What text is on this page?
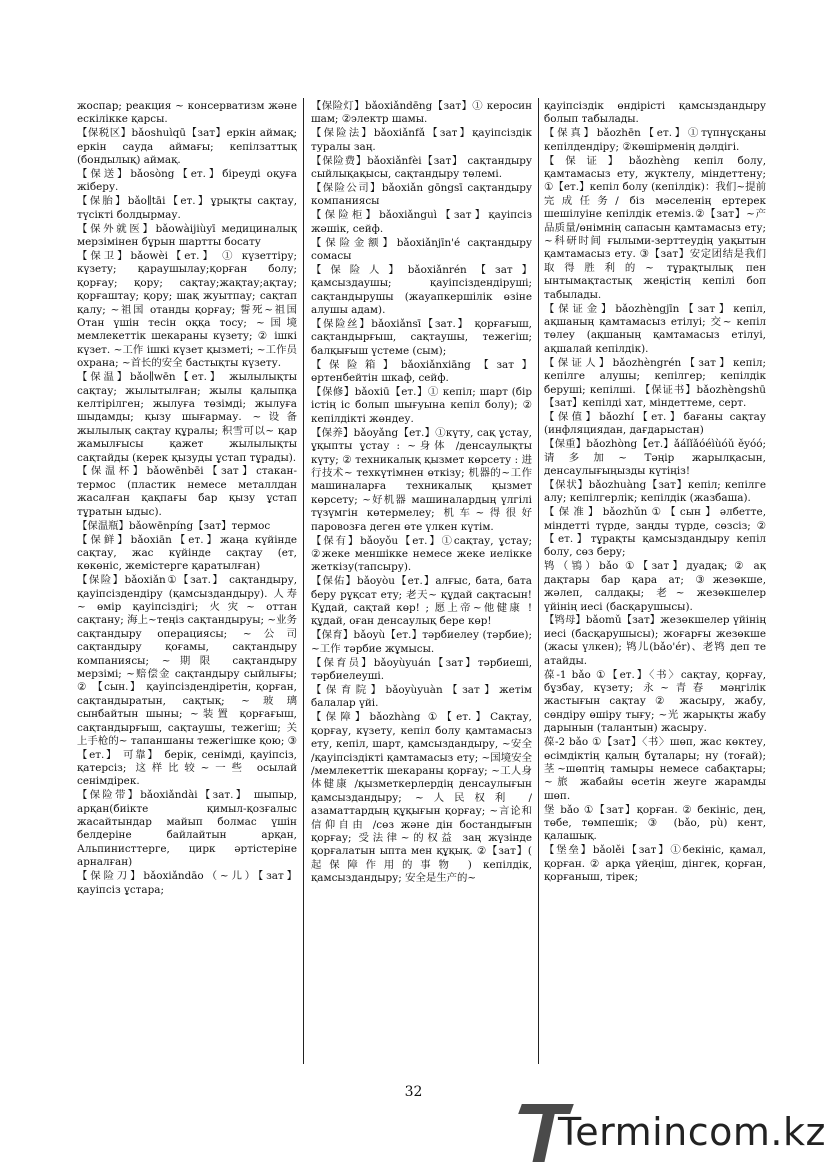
жоспар; реакция ~ консерватизм және ескілікке қарсы.
【保税区】bǎoshuìqū【зат】еркін аймақ; еркін сауда аймағы; кепілзаттық (бондылық) аймақ.
【保送】bǎosòng【ет.】біреуді оқуға жіберу.
【保胎】bǎo∥tāi【ет.】ұрықты сақтау, түсікті болдырмау.
【保外就医】bǎowàijiùyī медициналық мерзімінен бұрын шартты босату
【保卫】bǎowèi【ет.】 ① күзеттіру; күзету; қараушылау;қорған болу; қорғау; қору; сақтау;жақтау;ақтау; қорғаштау; қору; шақ жуытпау; сақтап қалу; ~祖国 отанды қорғау; 誓死~祖国 Отан үшін тесін оққа тосу; ~国境 мемлекеттік шекараны күзету; ② ішкі күзет. ~工作 ішкі күзет қызметі; ~工作员 охрана; ~首长的安全 бастықты күзету.
【保温】bǎo∥wēn【ет.】 жылылықты сақтау; жылытылған; жылы қалыпқа келтірілген; жылуға төзімді; жылуға шыдамды; қызу шығармау. ~设备 жылылық сақтау құралы; 积雪可以~ қар жамылғысы қажет жылылықты сақтайды (керек қызуды ұстап тұрады).
【保温杯】bǎowēnbēi【зат】стакан-термос (пластик немесе металлдан жасалған қақпағы бар қызу ұстап тұратын ыдыс).
【保温瓶】bǎowēnpíng【зат】термос
【保鲜】bǎoxiān【ет.】жаңа күйінде сақтау, жас күйінде сақтау (ет, көкөніс, жемістерге қаратылған)
【保险】bǎoxiǎn①【зат.】 сақтандыру, қауіпсіздендіру (қамсыздандыру). 人寿~ өмір қауіпсіздігі; 火灾~ оттан сақтану; 海上~теңіз сақтандыруы; ~业务 сақтандыру операциясы; ~公司 сақтандыру қоғамы, сақтандыру компаниясы; ~期限 сақтандыру мерзімі; ~赔偿金 сақтандыру сыйлығы; ② 【сын.】 қауіпсіздендіретін, қорған, сақтандыратын, сақтық; ~玻璃 сынбайтын шыны; ~装置 қорғағыш, сақтандырғыш, сақтаушы, тежегіш; 关上手枪的~ тапаншаны тежегішке қою; ③【ет.】 可靠】 берік, сенімді, қауіпсіз, қатерсіз; 这样比较~一些 осылай сенімдірек.
【保险带】bǎoxiǎndài【зат.】 шыпыр, арқан(биікте қимыл-қозғалыс жасайтындар майып болмас үшін белдеріне байлайтын арқан, Альпинисттерге, цирк әртістеріне арналған)
【保险刀】bǎoxiǎndāo（~儿）【зат】қауіпсіз ұстара;
【保险灯】bǎoxiǎndēng【зат】① керосин шам; ②электр шамы.
【保险法】bǎoxiǎnfǎ【зат】қауіпсіздік туралы заң.
【保险费】bǎoxiǎnfèi【зат】 сақтандыру сыйлықақысы, сақтандыру төлемі.
【保险公司】bǎoxiǎn gōngsī сақтандыру компаниясы
【保险柜】bǎoxiǎnguì【зат】қауіпсіз жәшік, сейф.
【保险金额】bǎoxiǎnjīn'é сақтандыру сомасы
【保险人】bǎoxiǎnrén【зат】 қамсыздаушы; қауіпсіздендіруші; сақтандырушы (жауапкершілік өзіне алушы адам).
【保险丝】bǎoxiǎnsī【зат.】 қорғағыш, сақтандырғыш, сақтаушы, тежегіш; балқығыш үстеме (сым);
【保险箱】bǎoxiǎnxiāng【зат】 өртенбейтін шкаф, сейф.
【保修】bǎoxiū【ет.】① кепіл; шарт (бір істің іс болып шығуына кепіл болу); ② кепілдікті жөндеу.
【保养】bǎoyǎng【ет.】①күту, сақ ұстау, ұқыпты ұстау : ~身体 /денсаулықты күту; ② техникалық қызмет көрсету : 进行技术~ техкүтімнен өткізу; 机器的~工作 машиналарға техникалық қызмет көрсету; ~好机器 машиналардың үлгілі түзүмгін көтермелеу; 机车~得很好 паровозға деген өте үлкен күтім.
【保有】bǎoyǒu【ет.】①сақтау, ұстау; ②жеке меншікке немесе жеке иелікке жеткізу(тапсыру).
【保佑】bǎoyòu【ет.】алғыс, бата, бата беру рұқсат ету; 老天~ құдай сақтасын! Құдай, сақтай көр! ; 愿上帝~他健康 ! құдай, оған денсаулық бере көр!
【保育】bǎoyù【ет.】тәрбиелеу (тәрбие); ~工作 тәрбие жұмысы.
【保育员】bǎoyùyuán【зат】тәрбиеші, тәрбиелеуші.
【保育院】bǎoyùyuàn【зат】жетім балалар үйі.
【保障】bǎozhàng ①【ет.】Сақтау, қорғау, күзету, кепіл болу қамтамасыз ету, кепіл, шарт, қамсыздандыру, ~安全 /қауіпсіздікті қамтамасыз ету; ~国境安全 /мемлекеттік шекараны қорғау; ~工人身体健康 /қызметкерлердің денсаулығын қамсыздандыру; ~人民权利 /азаматтардың құқығын қорғау; ~言论和信仰自由 /сөз және дін бостандығын қорғау; 受法律~的权益 заң жүзінде қорғалатын ыпта мен құқық. ②【зат】( 起保障作用的事物 ) кепілдік, қамсыздандыру; 安全是生产的~
қауіпсіздік өндірісті қамсыздандыру болып табылады.
【保真】bǎozhēn【ет.】①түпнұсқаны кепілдендіру; ②көшірменің дәлдігі.
【保证】bǎozhèng кепіл болу, қамтамасыз ету, жүктелу, міндеттену; ①【ет.】кепіл болу (кепілдік)：我们~提前完成任务/ біз мәселенің ертерек шешілуіне кепілдік етеміз.②【зат】~产品质量/өнімнің сапасын қамтамасыз ету; ~科研时间 ғылыми-зерттеудің уақытын қамтамасыз ету. ③【зат】安定团结是我们取得胜利的~ тұрақтылық пен ынтымақтастық жеңістің кепілі боп табылады.
【保证金】bǎozhèngjīn【зат】кепіл, ақшаның қамтамасыз етілуі; 交~ кепіл төлеу (ақшаның қамтамасыз етілуі, ақшалай кепілдік).
【保证人】bǎozhèngrén【зат】кепіл; кепілге алушы; кепілгер; кепілдік беруші; кепілші. 【保证书】bǎozhèngshū【зат】кепілді хат, міндеттеме, серт.
【保值】bǎozhí【ет.】бағаны сақтау (инфляциядан, дағдарыстан)
【保重】bǎozhòng【ет.】ǎáǐǐǎóéìùóǔ ěyóó; 请多加~ Тәңір жарылқасын, денсаулығыңызды күтіңіз!
【保状】bǎozhuàng【зат】кепіл; кепілге алу; кепілгерлік; кепілдік (жазбаша).
【保准】bǎozhǔn①【сын】әлбетте, міндетті түрде, заңды түрде, сөзсіз; ②【ет.】тұрақты қамсыздандыру кепіл болу, сөз беру;
鸨（鴇）bǎo ①【зат】дуадақ; ② ақ дақтары бар қара ат; ③жезөкше, жәлеп, салдақы; 老~ жезөкшелер үйінің иесі (басқарушысы).
【鸨母】bǎomǔ【зат】жезөкшелер үйінің иесі (басқарушысы); жоғарғы жезөкше (жасы үлкен); 鸨儿(bǎo'ér)、老鸨 деп те атайды.
葆-1 bǎo ①【ет.】〈书〉сақтау, қорғау, бұзбау, күзету; 永~青春 мәңгілік жастығын сақтау ② жасыру, жабу, сөндіру өшіру тығу; ~光 жарықты жабу дарынын (талантын) жасыру.
葆-2 bǎo ①【зат】〈书〉шөп, жас көктеу, өсімдіктің қалың бұталары; ну (тоғай); 茎~шөптің тамыры немесе сабақтары; ~旅 жабайы өсетін жеуге жарамды шөп.
堡 bǎo ①【зат】қорған. ② бекініс, дең, төбе, төмпешік; ③ (bǎo, pù) кент, қалашық.
【堡垒】bǎolěi【зат】①бекініс, қамал, қорған. ② арқа үйеңіш, дінгек, қорған, қорғаныш, тірек;
32
Termincom.kz
